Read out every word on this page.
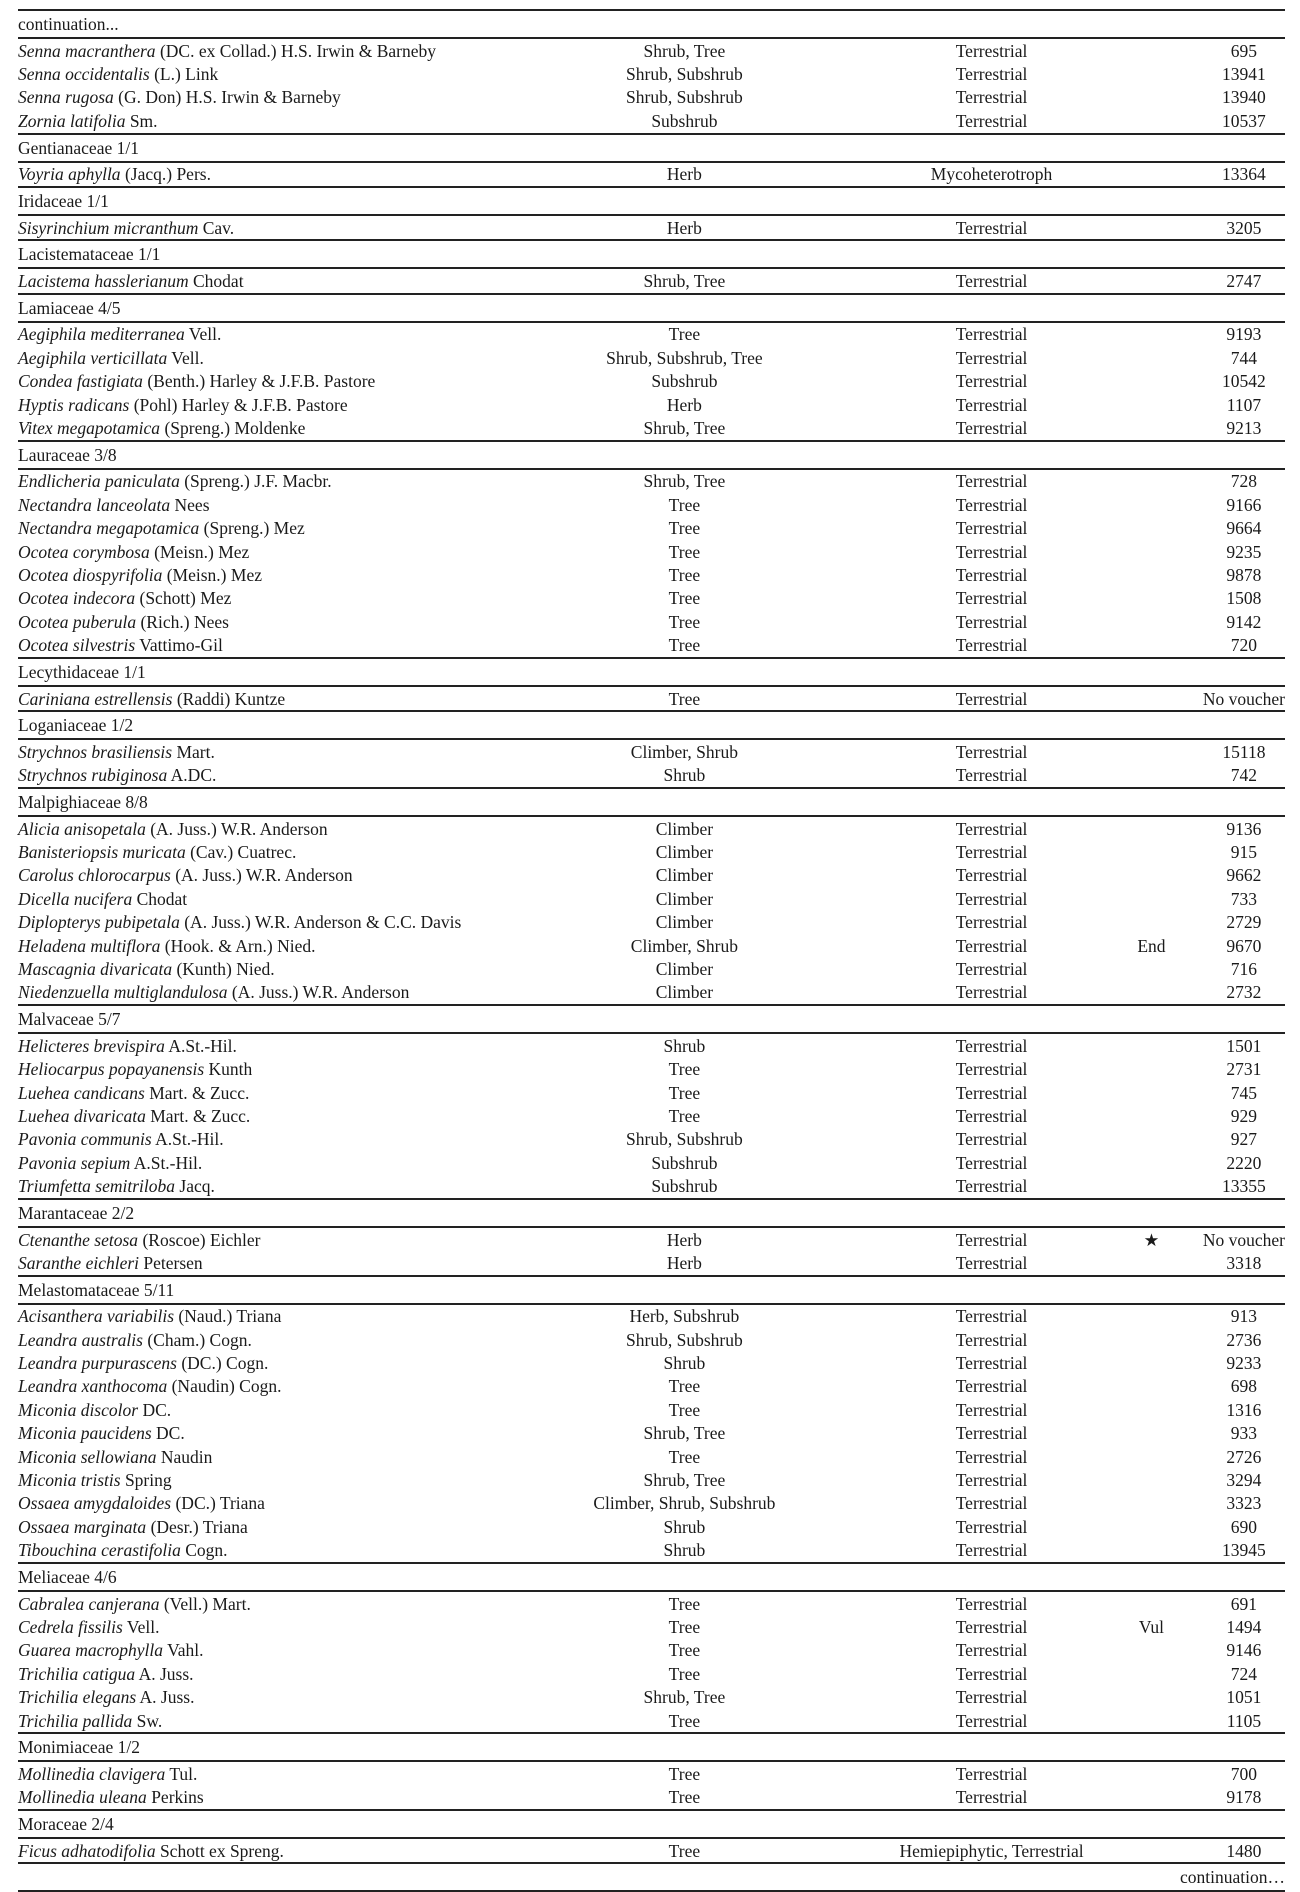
continuation...				
Senna macranthera (DC. ex Collad.) H.S. Irwin & Barneby	Shrub, Tree	Terrestrial		695
Senna occidentalis (L.) Link	Shrub, Subshrub	Terrestrial		13941
Senna rugosa (G. Don) H.S. Irwin & Barneby	Shrub, Subshrub	Terrestrial		13940
Zornia latifolia Sm.	Subshrub	Terrestrial		10537
Gentianaceae 1/1				
Voyria aphylla (Jacq.) Pers.	Herb	Mycoheterotroph		13364
Iridaceae 1/1				
Sisyrinchium micranthum Cav.	Herb	Terrestrial		3205
Lacistemataceae 1/1				
Lacistema hasslerianum Chodat	Shrub, Tree	Terrestrial		2747
Lamiaceae 4/5				
Aegiphila mediterranea Vell.	Tree	Terrestrial		9193
Aegiphila verticillata Vell.	Shrub, Subshrub, Tree	Terrestrial		744
Condea fastigiata (Benth.) Harley & J.F.B. Pastore	Subshrub	Terrestrial		10542
Hyptis radicans (Pohl) Harley & J.F.B. Pastore	Herb	Terrestrial		1107
Vitex megapotamica (Spreng.) Moldenke	Shrub, Tree	Terrestrial		9213
Lauraceae 3/8				
Endlicheria paniculata (Spreng.) J.F. Macbr.	Shrub, Tree	Terrestrial		728
Nectandra lanceolata Nees	Tree	Terrestrial		9166
Nectandra megapotamica (Spreng.) Mez	Tree	Terrestrial		9664
Ocotea corymbosa (Meisn.) Mez	Tree	Terrestrial		9235
Ocotea diospyrifolia (Meisn.) Mez	Tree	Terrestrial		9878
Ocotea indecora (Schott) Mez	Tree	Terrestrial		1508
Ocotea puberula (Rich.) Nees	Tree	Terrestrial		9142
Ocotea silvestris Vattimo-Gil	Tree	Terrestrial		720
Lecythidaceae 1/1				
Cariniana estrellensis (Raddi) Kuntze	Tree	Terrestrial		No voucher
Loganiaceae 1/2				
Strychnos brasiliensis Mart.	Climber, Shrub	Terrestrial		15118
Strychnos rubiginosa A.DC.	Shrub	Terrestrial		742
Malpighiaceae 8/8				
Alicia anisopetala (A. Juss.) W.R. Anderson	Climber	Terrestrial		9136
Banisteriopsis muricata (Cav.) Cuatrec.	Climber	Terrestrial		915
Carolus chlorocarpus (A. Juss.) W.R. Anderson	Climber	Terrestrial		9662
Dicella nucifera Chodat	Climber	Terrestrial		733
Diplopterys pubipetala (A. Juss.) W.R. Anderson & C.C. Davis	Climber	Terrestrial		2729
Heladena multiflora (Hook. & Arn.) Nied.	Climber, Shrub	Terrestrial	End	9670
Mascagnia divaricata (Kunth) Nied.	Climber	Terrestrial		716
Niedenzuella multiglandulosa (A. Juss.) W.R. Anderson	Climber	Terrestrial		2732
Malvaceae 5/7				
Helicteres brevispira A.St.-Hil.	Shrub	Terrestrial		1501
Heliocarpus popayanensis Kunth	Tree	Terrestrial		2731
Luehea candicans Mart. & Zucc.	Tree	Terrestrial		745
Luehea divaricata Mart. & Zucc.	Tree	Terrestrial		929
Pavonia communis A.St.-Hil.	Shrub, Subshrub	Terrestrial		927
Pavonia sepium A.St.-Hil.	Subshrub	Terrestrial		2220
Triumfetta semitriloba Jacq.	Subshrub	Terrestrial		13355
Marantaceae 2/2				
Ctenanthe setosa (Roscoe) Eichler	Herb	Terrestrial	★	No voucher
Saranthe eichleri Petersen	Herb	Terrestrial		3318
Melastomataceae 5/11				
Acisanthera variabilis (Naud.) Triana	Herb, Subshrub	Terrestrial		913
Leandra australis (Cham.) Cogn.	Shrub, Subshrub	Terrestrial		2736
Leandra purpurascens (DC.) Cogn.	Shrub	Terrestrial		9233
Leandra xanthocoma (Naudin) Cogn.	Tree	Terrestrial		698
Miconia discolor DC.	Tree	Terrestrial		1316
Miconia paucidens DC.	Shrub, Tree	Terrestrial		933
Miconia sellowiana Naudin	Tree	Terrestrial		2726
Miconia tristis Spring	Shrub, Tree	Terrestrial		3294
Ossaea amygdaloides (DC.) Triana	Climber, Shrub, Subshrub	Terrestrial		3323
Ossaea marginata (Desr.) Triana	Shrub	Terrestrial		690
Tibouchina cerastifolia Cogn.	Shrub	Terrestrial		13945
Meliaceae 4/6				
Cabralea canjerana (Vell.) Mart.	Tree	Terrestrial		691
Cedrela fissilis Vell.	Tree	Terrestrial	Vul	1494
Guarea macrophylla Vahl.	Tree	Terrestrial		9146
Trichilia catigua A. Juss.	Tree	Terrestrial		724
Trichilia elegans A. Juss.	Shrub, Tree	Terrestrial		1051
Trichilia pallida Sw.	Tree	Terrestrial		1105
Monimiaceae 1/2				
Mollinedia clavigera Tul.	Tree	Terrestrial		700
Mollinedia uleana Perkins	Tree	Terrestrial		9178
Moraceae 2/4				
Ficus adhatodifolia Schott ex Spreng.	Tree	Hemiepiphytic, Terrestrial		1480
continuation…				
